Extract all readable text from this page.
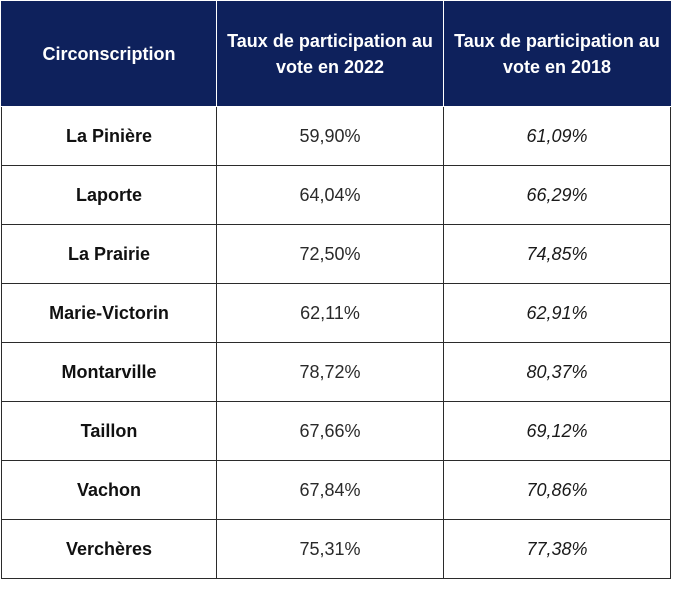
Circonscription	Taux de participation au vote en 2022	Taux de participation au vote en 2018
La Pinière	59,90%	61,09%
Laporte	64,04%	66,29%
La Prairie	72,50%	74,85%
Marie-Victorin	62,11%	62,91%
Montarville	78,72%	80,37%
Taillon	67,66%	69,12%
Vachon	67,84%	70,86%
Verchères	75,31%	77,38%
